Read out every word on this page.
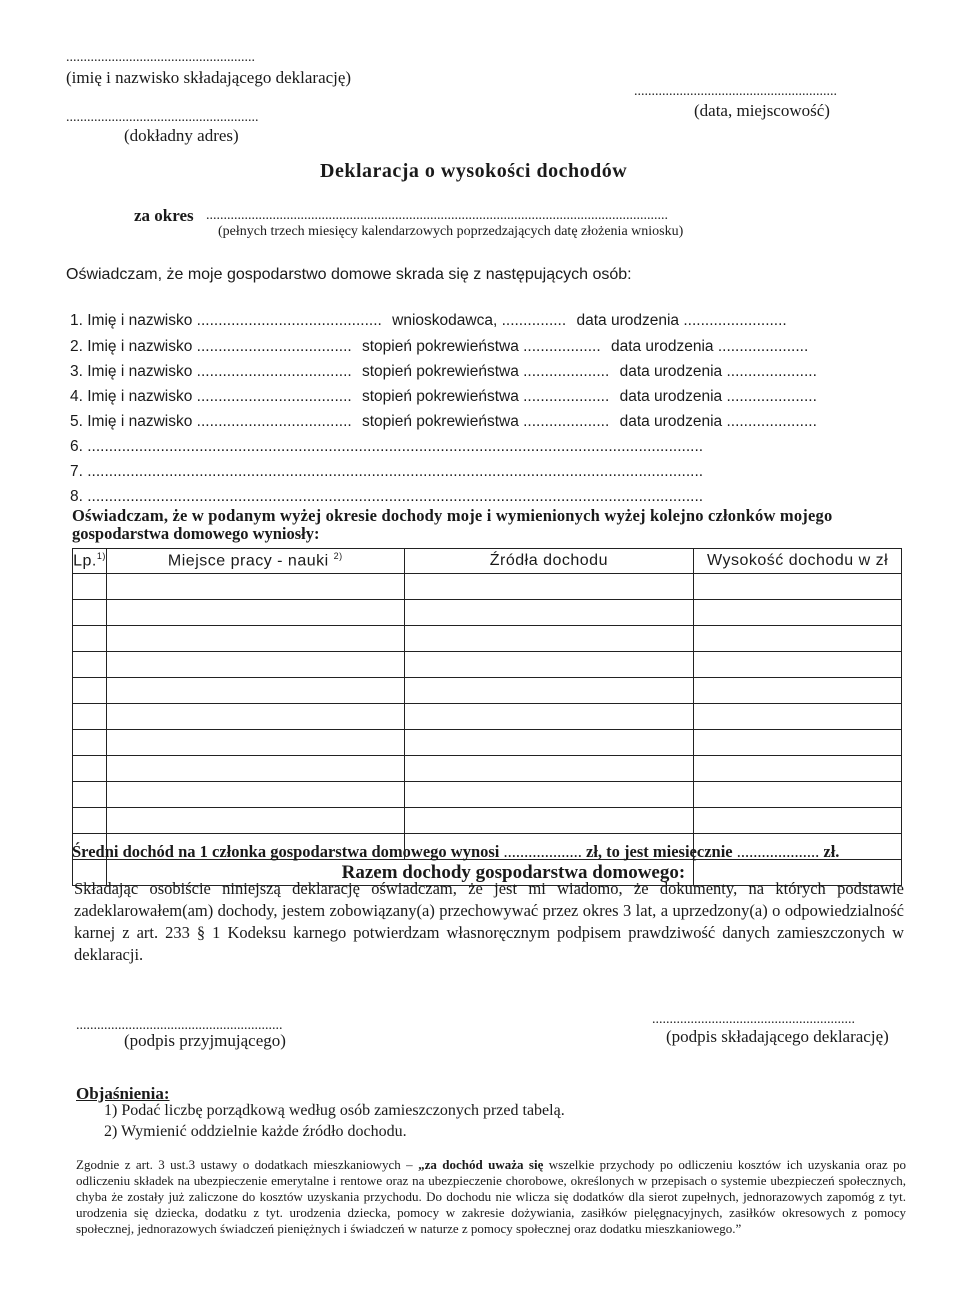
......................................................
(imię i nazwisko składającego deklarację)
..........................................................
(data, miejscowość)
.......................................................
(dokładny adres)
Deklaracja o wysokości dochodów
za okres ....................................................................................................................................
(pełnych trzech miesięcy kalendarzowych poprzedzających datę złożenia wniosku)
Oświadczam, że moje gospodarstwo domowe skrada się z następujących osób:
1. Imię i nazwisko ........................................... wnioskodawca, ............... data urodzenia ........................
2. Imię i nazwisko .................................... stopień pokrewieństwa .................. data urodzenia .....................
3. Imię i nazwisko .................................... stopień pokrewieństwa .................... data urodzenia .....................
4. Imię i nazwisko .................................... stopień pokrewieństwa .................... data urodzenia .....................
5. Imię i nazwisko .................................... stopień pokrewieństwa .................... data urodzenia .....................
6. ...............................................................................................................................................
7. ...............................................................................................................................................
8. ...............................................................................................................................................
Oświadczam, że w podanym wyżej okresie dochody moje i wymienionych wyżej kolejno członków mojego
gospodarstwa domowego wyniosły:
Lp.$^{1)}$	Miejsce pracy - nauki $^{2)}$	Źródła dochodu	Wysokość dochodu w zł

	Razem dochody gospodarstwa domowego:		
Średni dochód na 1 członka gospodarstwa domowego wynosi ................... zł, to jest miesięcznie .................... zł.
Składając osobiście niniejszą deklarację oświadczam, że jest mi wiadomo, że dokumenty, na których podstawie zadeklarowałem(am) dochody, jestem zobowiązany(a) przechowywać przez okres 3 lat, a uprzedzony(a) o odpowiedzialność karnej z art. 233 § 1 Kodeksu karnego potwierdzam własnoręcznym podpisem prawdziwość danych zamieszczonych w deklaracji.
...........................................................
(podpis przyjmującego)
..........................................................
(podpis składającego deklarację)
Objaśnienia:
1) Podać liczbę porządkową według osób zamieszczonych przed tabelą.
2) Wymienić oddzielnie każde źródło dochodu.
Zgodnie z art. 3 ust.3 ustawy o dodatkach mieszkaniowych – „za dochód uważa się wszelkie przychody po odliczeniu kosztów ich uzyskania oraz po odliczeniu składek na ubezpieczenie emerytalne i rentowe oraz na ubezpieczenie chorobowe, określonych w przepisach o systemie ubezpieczeń społecznych, chyba że zostały już zaliczone do kosztów uzyskania przychodu. Do dochodu nie wlicza się dodatków dla sierot zupełnych, jednorazowych zapomóg z tyt. urodzenia się dziecka, dodatku z tyt. urodzenia dziecka, pomocy w zakresie dożywiania, zasiłków pielęgnacyjnych, zasiłków okresowych z pomocy społecznej, jednorazowych świadczeń pieniężnych i świadczeń w naturze z pomocy społecznej oraz dodatku mieszkaniowego.”
